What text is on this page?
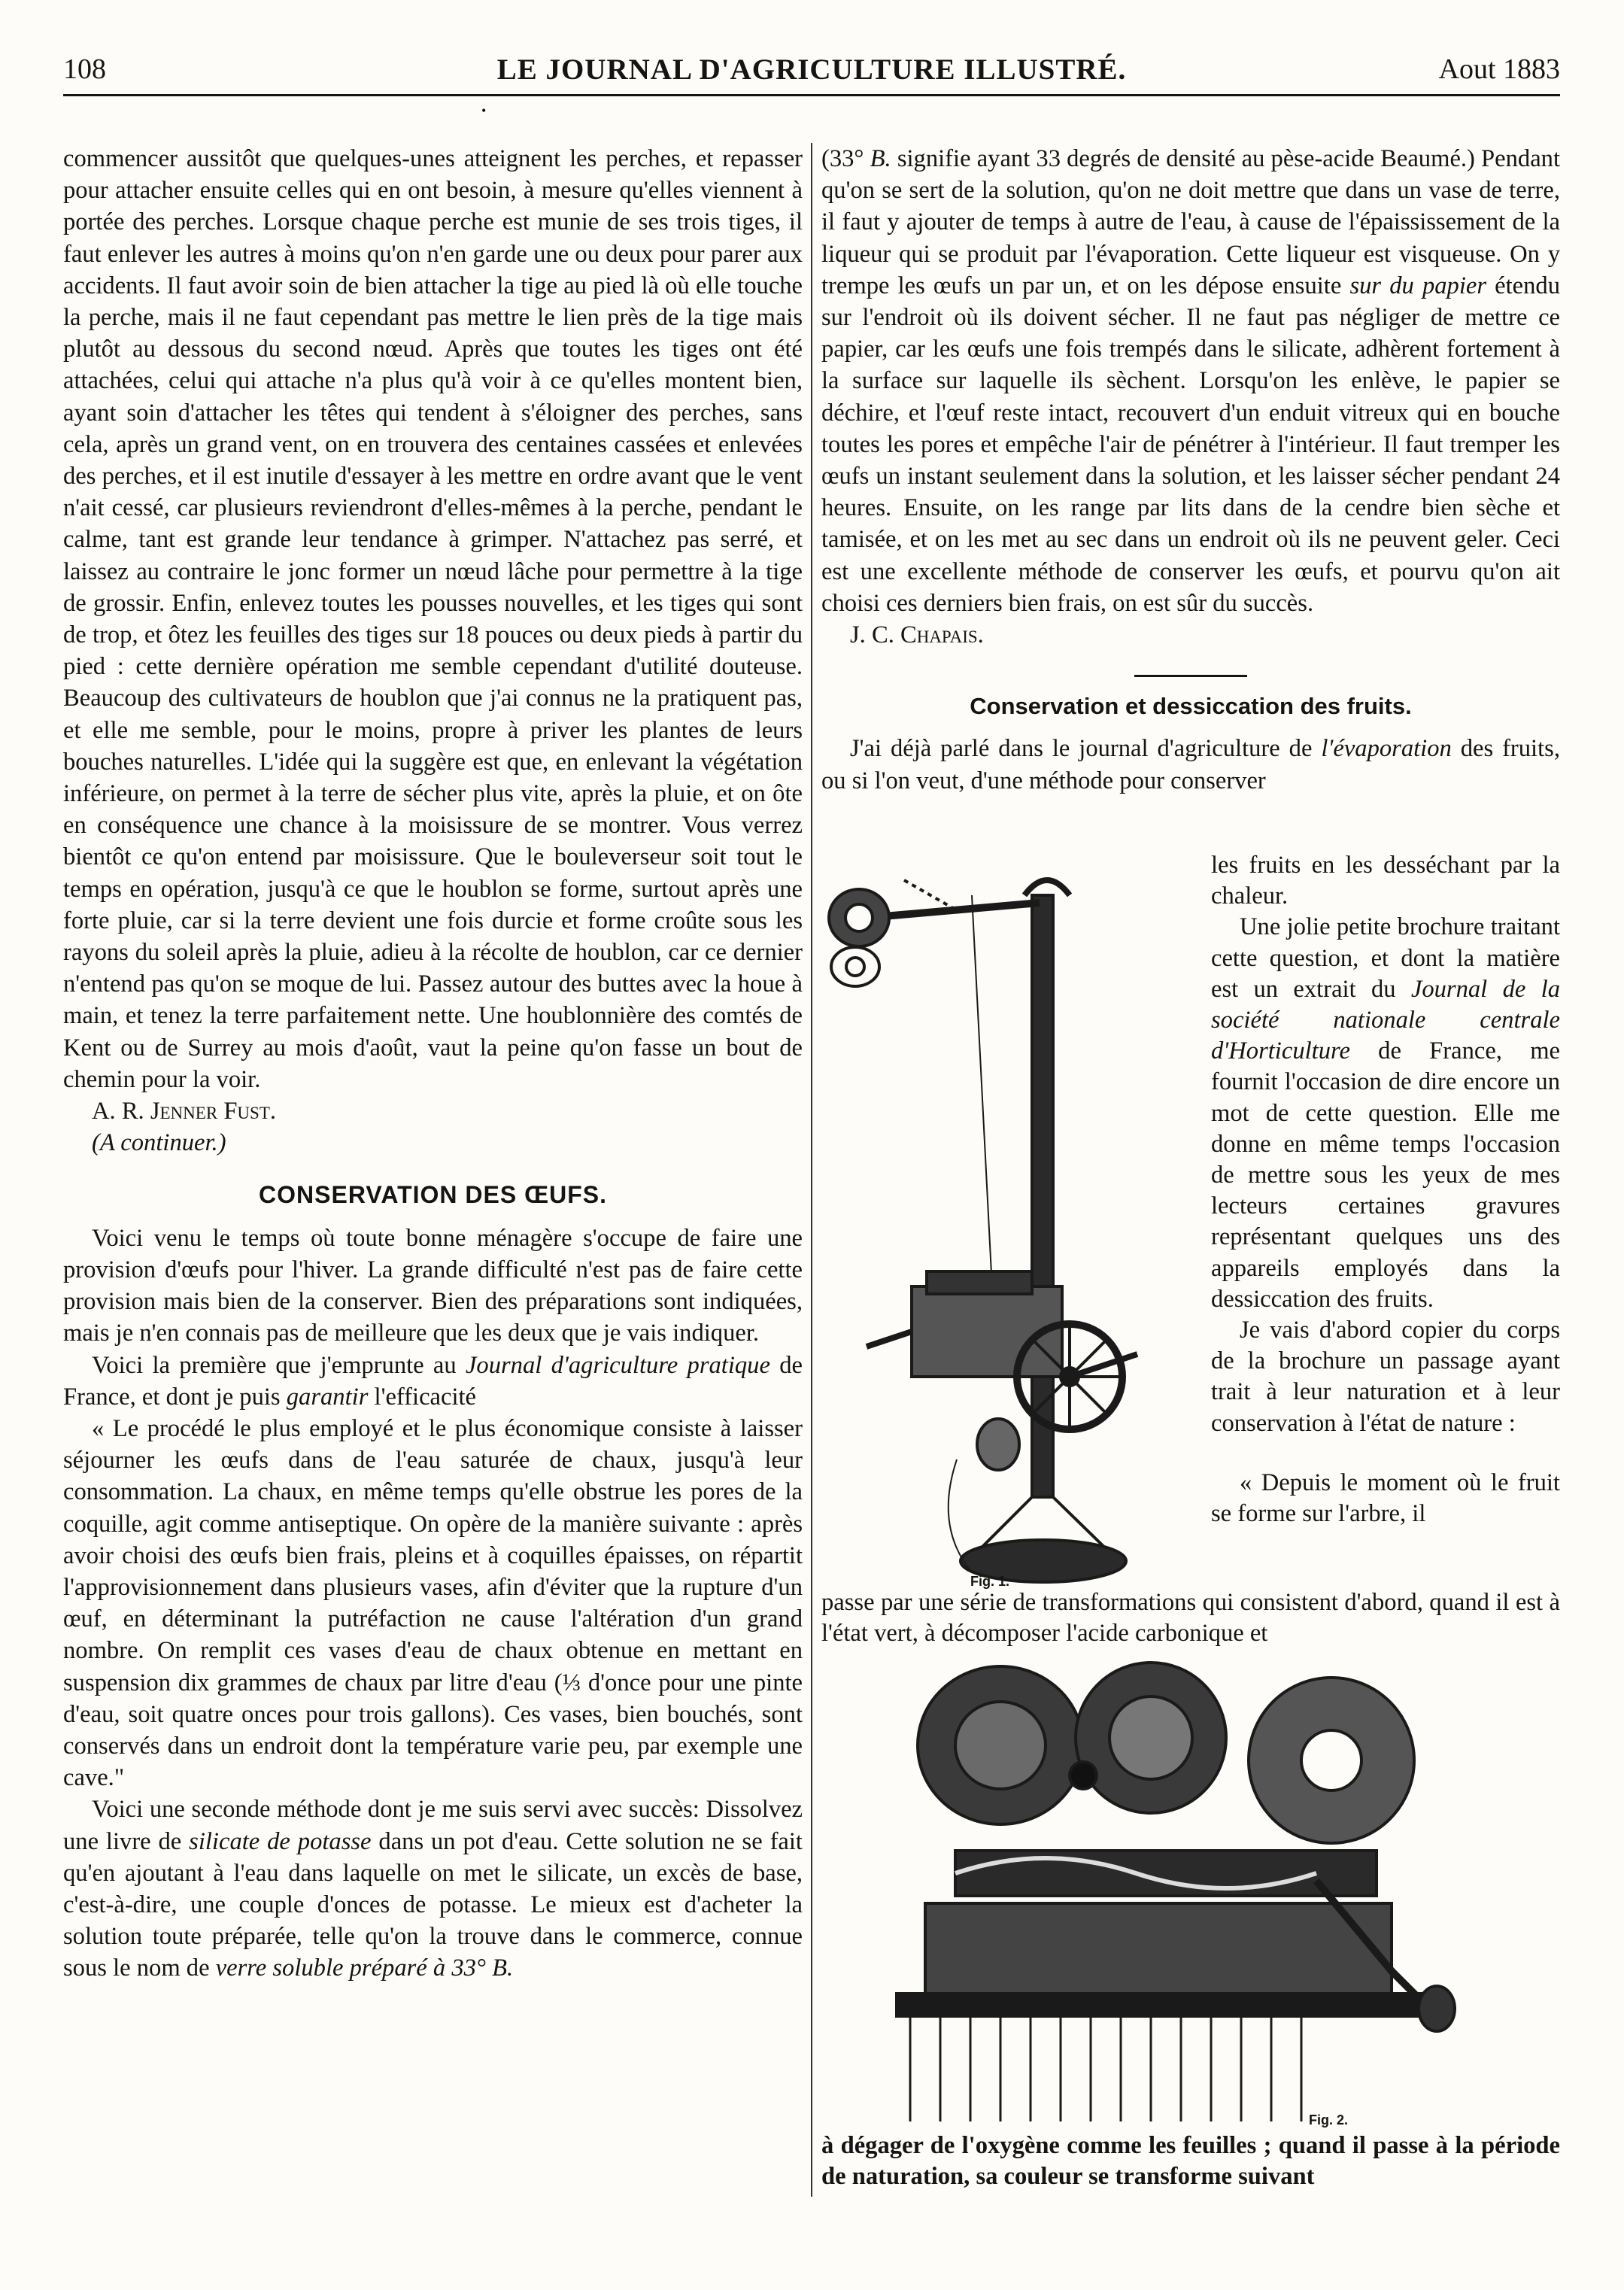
108	LE JOURNAL D'AGRICULTURE ILLUSTRÉ.	Aout 1883
•

commencer aussitôt que quelques-unes atteignent les perches, et repasser pour attacher ensuite celles qui en ont besoin, à mesure qu'elles viennent à portée des perches. Lorsque chaque perche est munie de ses trois tiges, il faut enlever les autres à moins qu'on n'en garde une ou deux pour parer aux accidents. Il faut avoir soin de bien attacher la tige au pied là où elle touche la perche, mais il ne faut cependant pas mettre le lien près de la tige mais plutôt au dessous du second nœud. Après que toutes les tiges ont été attachées, celui qui attache n'a plus qu'à voir à ce qu'elles montent bien, ayant soin d'attacher les têtes qui tendent à s'éloigner des perches, sans cela, après un grand vent, on en trouvera des centaines cassées et enlevées des perches, et il est inutile d'essayer à les mettre en ordre avant que le vent n'ait cessé, car plusieurs reviendront d'elles-mêmes à la perche, pendant le calme, tant est grande leur tendance à grimper. N'attachez pas serré, et laissez au contraire le jonc former un nœud lâche pour permettre à la tige de grossir. Enfin, enlevez toutes les pousses nouvelles, et les tiges qui sont de trop, et ôtez les feuilles des tiges sur 18 pouces ou deux pieds à partir du pied : cette dernière opération me semble cependant d'utilité douteuse. Beaucoup des cultivateurs de houblon que j'ai connus ne la pratiquent pas, et elle me semble, pour le moins, propre à priver les plantes de leurs bouches naturelles. L'idée qui la suggère est que, en enlevant la végétation inférieure, on permet à la terre de sécher plus vite, après la pluie, et on ôte en conséquence une chance à la moisissure de se montrer. Vous verrez bientôt ce qu'on entend par moisissure. Que le bouleverseur soit tout le temps en opération, jusqu'à ce que le houblon se forme, surtout après une forte pluie, car si la terre devient une fois durcie et forme croûte sous les rayons du soleil après la pluie, adieu à la récolte de houblon, car ce dernier n'entend pas qu'on se moque de lui. Passez autour des buttes avec la houe à main, et tenez la terre parfaitement nette. Une houblonnière des comtés de Kent ou de Surrey au mois d'août, vaut la peine qu'on fasse un bout de chemin pour la voir.

A. R. Jenner Fust.

(A continuer.)

CONSERVATION DES ŒUFS.

Voici venu le temps où toute bonne ménagère s'occupe de faire une provision d'œufs pour l'hiver. La grande difficulté n'est pas de faire cette provision mais bien de la conserver. Bien des préparations sont indiquées, mais je n'en connais pas de meilleure que les deux que je vais indiquer.

Voici la première que j'emprunte au Journal d'agriculture pratique de France, et dont je puis garantir l'efficacité

« Le procédé le plus employé et le plus économique consiste à laisser séjourner les œufs dans de l'eau saturée de chaux, jusqu'à leur consommation. La chaux, en même temps qu'elle obstrue les pores de la coquille, agit comme antiseptique. On opère de la manière suivante : après avoir choisi des œufs bien frais, pleins et à coquilles épaisses, on répartit l'approvisionnement dans plusieurs vases, afin d'éviter que la rupture d'un œuf, en déterminant la putréfaction ne cause l'altération d'un grand nombre. On remplit ces vases d'eau de chaux obtenue en mettant en suspension dix grammes de chaux par litre d'eau (⅓ d'once pour une pinte d'eau, soit quatre onces pour trois gallons). Ces vases, bien bouchés, sont conservés dans un endroit dont la température varie peu, par exemple une cave."

Voici une seconde méthode dont je me suis servi avec succès: Dissolvez une livre de silicate de potasse dans un pot d'eau. Cette solution ne se fait qu'en ajoutant à l'eau dans laquelle on met le silicate, un excès de base, c'est-à-dire, une couple d'onces de potasse. Le mieux est d'acheter la solution toute préparée, telle qu'on la trouve dans le commerce, connue sous le nom de verre soluble préparé à 33° B.

(33° B. signifie ayant 33 degrés de densité au pèse-acide Beaumé.) Pendant qu'on se sert de la solution, qu'on ne doit mettre que dans un vase de terre, il faut y ajouter de temps à autre de l'eau, à cause de l'épaississement de la liqueur qui se produit par l'évaporation. Cette liqueur est visqueuse. On y trempe les œufs un par un, et on les dépose ensuite sur du papier étendu sur l'endroit où ils doivent sécher. Il ne faut pas négliger de mettre ce papier, car les œufs une fois trempés dans le silicate, adhèrent fortement à la surface sur laquelle ils sèchent. Lorsqu'on les enlève, le papier se déchire, et l'œuf reste intact, recouvert d'un enduit vitreux qui en bouche toutes les pores et empêche l'air de pénétrer à l'intérieur. Il faut tremper les œufs un instant seulement dans la solution, et les laisser sécher pendant 24 heures. Ensuite, on les range par lits dans de la cendre bien sèche et tamisée, et on les met au sec dans un endroit où ils ne peuvent geler. Ceci est une excellente méthode de conserver les œufs, et pourvu qu'on ait choisi ces derniers bien frais, on est sûr du succès.

J. C. Chapais.

Conservation et dessiccation des fruits.

J'ai déjà parlé dans le journal d'agriculture de l'évaporation des fruits, ou si l'on veut, d'une méthode pour conserver

Fig. 1.

les fruits en les desséchant par la chaleur.

Une jolie petite brochure traitant cette question, et dont la matière est un extrait du Journal de la société nationale centrale d'Horticulture de France, me fournit l'occasion de dire encore un mot de cette question. Elle me donne en même temps l'occasion de mettre sous les yeux de mes lecteurs certaines gravures représentant quelques uns des appareils employés dans la dessiccation des fruits.

Je vais d'abord copier du corps de la brochure un passage ayant trait à leur naturation et à leur conservation à l'état de nature :

« Depuis le moment où le fruit se forme sur l'arbre, il

passe par une série de transformations qui consistent d'abord, quand il est à l'état vert, à décomposer l'acide carbonique et

Fig. 2.

à dégager de l'oxygène comme les feuilles ; quand il passe à la période de naturation, sa couleur se transforme suivant
